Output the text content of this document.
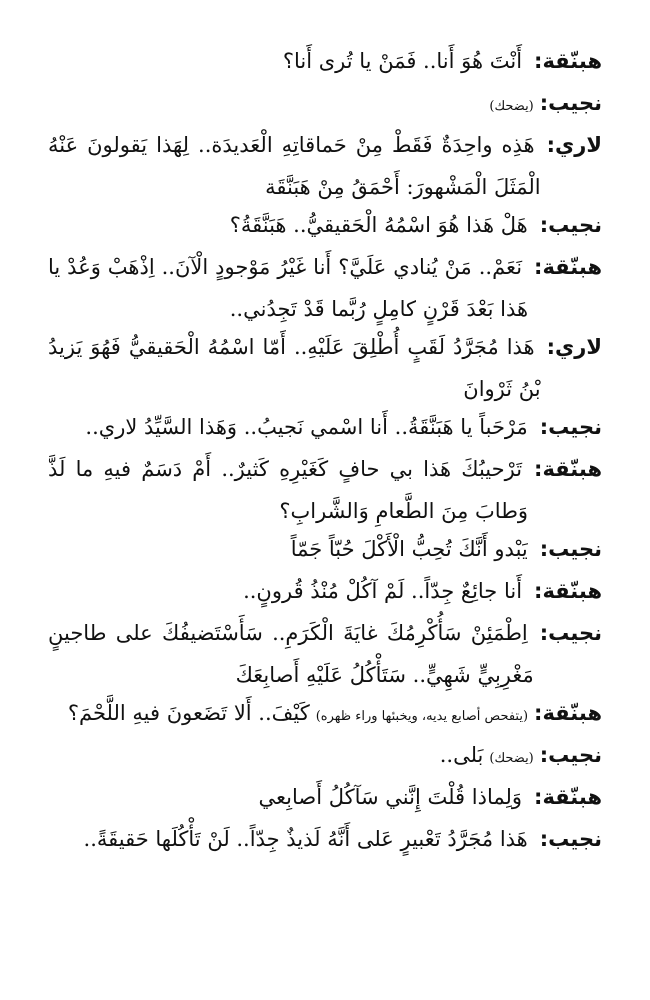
هبنّقة:
أَنْتَ هُوَ أَنا.. فَمَنْ يا تُرى أَنا؟
نجيب:
(يضحك)
لاري:
هَذِه واحِدَةٌ فَقَطْ مِنْ حَماقاتِهِ الْعَديدَة.. لِهَذا يَقولونَ عَنْهُ الْمَثَلَ الْمَشْهورَ: أَحْمَقُ مِنْ هَبَنَّقَة
نجيب:
هَلْ هَذا هُوَ اسْمُهُ الْحَقيقيُّ.. هَبَنَّقَةُ؟
هبنّقة:
نَعَمْ.. مَنْ يُنادي عَلَيَّ؟ أَنا غَيْرُ مَوْجودٍ الْآنَ.. اِذْهَبْ وَعُدْ يا هَذا بَعْدَ قَرْنٍ كامِلٍ رُبَّما قَدْ تَجِدُني..
لاري:
هَذا مُجَرَّدُ لَقَبٍ أُطْلِقَ عَلَيْهِ.. أَمّا اسْمُهُ الْحَقيقيُّ فَهُوَ يَزيدُ بْنُ ثَرْوانَ
نجيب:
مَرْحَباً يا هَبَنَّقَةُ.. أَنا اسْمي نَجيبُ.. وَهَذا السَّيِّدُ لاري..
هبنّقة:
تَرْحيبُكَ هَذا بي حافٍ كَغَيْرِهِ كَثيرٌ.. أَمْ دَسَمٌ فيهِ ما لَذَّ وَطابَ مِنَ الطَّعامِ وَالشَّرابِ؟
نجيب:
يَبْدو أَنَّكَ تُحِبُّ الْأَكْلَ حُبّاً جَمّاً
هبنّقة:
أَنا جائِعٌ جِدّاً.. لَمْ آكُلْ مُنْذُ قُرونٍ..
نجيب:
اِطْمَئِنْ سَأُكْرِمُكَ غايَةَ الْكَرَمِ.. سَأَسْتَضيفُكَ على طاجينٍ مَغْرِبِيٍّ شَهِيٍّ.. سَتَأْكُلُ عَلَيْهِ أَصابِعَكَ
هبنّقة:
(يتفحص أصابع يديه، ويخبئها وراء ظهره)كَيْفَ.. أَلا تَضَعونَ فيهِ اللَّحْمَ؟
نجيب:
(يضحك)بَلى..
هبنّقة:
وَلِماذا قُلْتَ إِنَّني سَآكُلُ أَصابِعي
نجيب:
هَذا مُجَرَّدُ تَعْبيرٍ عَلى أَنَّهُ لَذيذٌ جِدّاً.. لَنْ تَأْكُلَها حَقيقَةً..
